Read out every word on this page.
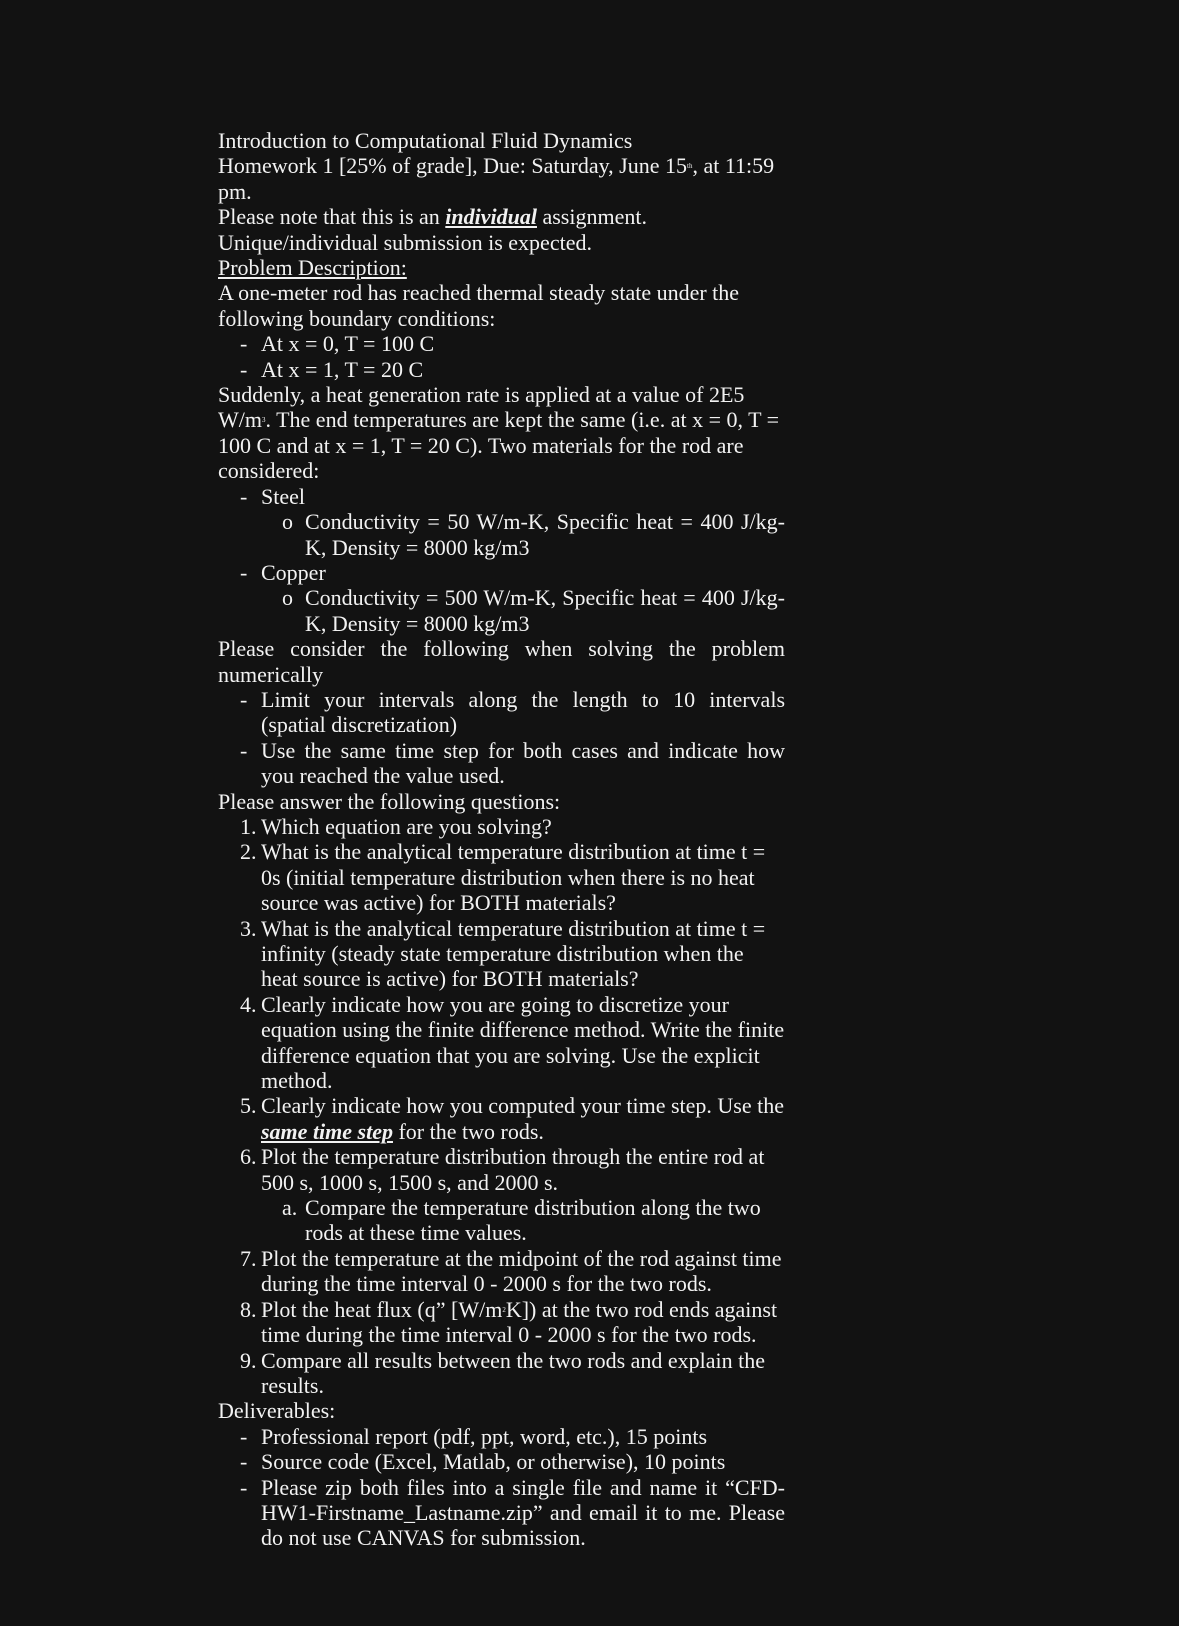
Introduction to Computational Fluid Dynamics

Homework 1 [25% of grade], Due: Saturday, June 15th, at 11:59

pm.

Please note that this is an individual assignment.

Unique/individual submission is expected.

Problem Description:

A one-meter rod has reached thermal steady state under the following boundary conditions:

- At x = 0, T = 100 C

- At x = 1, T = 20 C

Suddenly, a heat generation rate is applied at a value of 2E5 $W/m^3$. The end temperatures are kept the same (i.e. at x = 0, T = 100 C and at x = 1, T = 20 C). Two materials for the rod are considered:

- Steel

o Conductivity = 50 W/m-K, Specific heat = 400 J/kg-K, Density = 8000 kg/m3

- Copper

o Conductivity = 500 W/m-K, Specific heat = 400 J/kg-K, Density = 8000 kg/m3

Please consider the following when solving the problem

numerically

- Limit your intervals along the length to 10 intervals (spatial discretization)

- Use the same time step for both cases and indicate how you reached the value used.

Please answer the following questions:

1. Which equation are you solving?

2. What is the analytical temperature distribution at time t = 0s (initial temperature distribution when there is no heat source was active) for BOTH materials?

3. What is the analytical temperature distribution at time t = infinity (steady state temperature distribution when the heat source is active) for BOTH materials?

4. Clearly indicate how you are going to discretize your equation using the finite difference method. Write the finite difference equation that you are solving. Use the explicit method.

5. Clearly indicate how you computed your time step. Use the same time step for the two rods.

6. Plot the temperature distribution through the entire rod at 500 s, 1000 s, 1500 s, and 2000 s.

a. Compare the temperature distribution along the two rods at these time values.

7. Plot the temperature at the midpoint of the rod against time during the time interval 0 - 2000 s for the two rods.

8. Plot the heat flux (q” $[W/m^2K]$) at the two rod ends against time during the time interval 0 - 2000 s for the two rods.

9. Compare all results between the two rods and explain the results.

Deliverables:

- Professional report (pdf, ppt, word, etc.), 15 points

- Source code (Excel, Matlab, or otherwise), 10 points

- Please zip both files into a single file and name it “CFD-HW1-Firstname_Lastname.zip” and email it to me. Please do not use CANVAS for submission.
